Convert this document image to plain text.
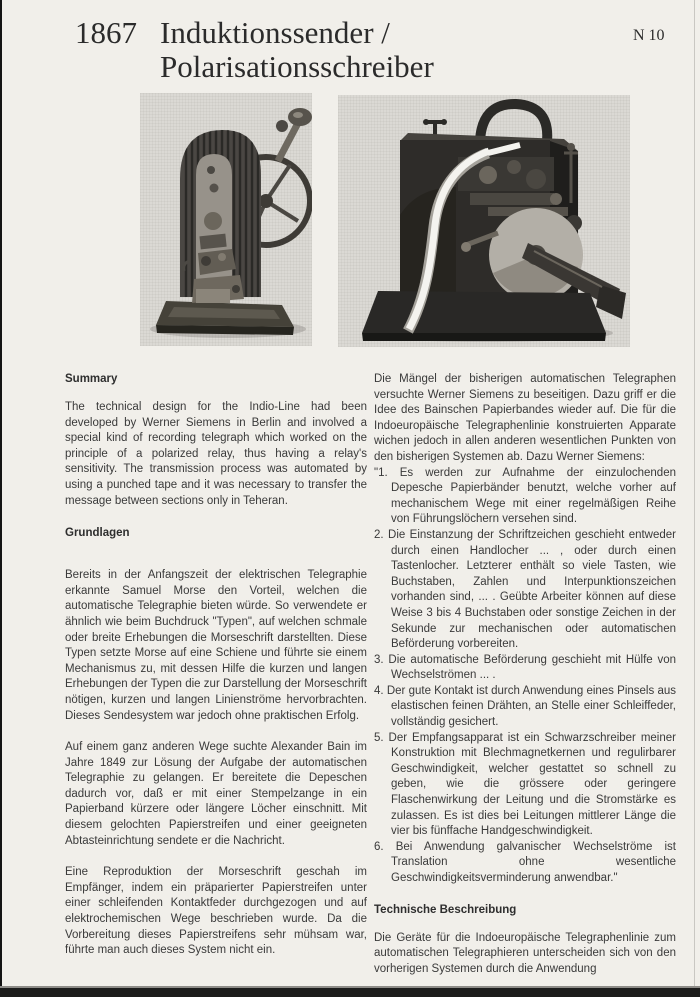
1867 Induktionssender /
Polarisationsschreiber
N 10
Summary

The technical design for the Indio-Line had been developed by Werner Siemens in Berlin and involved a special kind of recording telegraph which worked on the principle of a polarized relay, thus having a relay's sensitivity. The transmission process was automated by using a punched tape and it was necessary to transfer the message between sections only in Teheran.

Grundlagen

Bereits in der Anfangszeit der elektrischen Telegraphie erkannte Samuel Morse den Vorteil, welchen die automatische Telegraphie bieten würde. So verwendete er ähnlich wie beim Buchdruck "Typen", auf welchen schmale oder breite Erhebungen die Morseschrift darstellten. Diese Typen setzte Morse auf eine Schiene und führte sie einem Mechanismus zu, mit dessen Hilfe die kurzen und langen Erhebungen der Typen die zur Darstellung der Morseschrift nötigen, kurzen und langen Linienströme hervorbrachten. Dieses Sendesystem war jedoch ohne praktischen Erfolg.

Auf einem ganz anderen Wege suchte Alexander Bain im Jahre 1849 zur Lösung der Aufgabe der automatischen Telegraphie zu gelangen. Er bereitete die Depeschen dadurch vor, daß er mit einer Stempelzange in ein Papierband kürzere oder längere Löcher einschnitt. Mit diesem gelochten Papierstreifen und einer geeigneten Abtasteinrichtung sendete er die Nachricht.

Eine Reproduktion der Morseschrift geschah im Empfänger, indem ein präparierter Papierstreifen unter einer schleifenden Kontaktfeder durchgezogen und auf elektrochemischen Wege beschrieben wurde. Da die Vorbereitung dieses Papierstreifens sehr mühsam war, führte man auch dieses System nicht ein.

Die Mängel der bisherigen automatischen Telegraphen versuchte Werner Siemens zu beseitigen. Dazu griff er die Idee des Bainschen Papierbandes wieder auf. Die für die Indoeuropäische Telegraphenlinie konstruierten Apparate wichen jedoch in allen anderen wesentlichen Punkten von den bisherigen Systemen ab. Dazu Werner Siemens:

"1. Es werden zur Aufnahme der einzulochenden Depesche Papierbänder benutzt, welche vorher auf mechanischem Wege mit einer regelmäßigen Reihe von Führungslöchern versehen sind.
2. Die Einstanzung der Schriftzeichen geschieht entweder durch einen Handlocher ... , oder durch einen Tastenlocher. Letzterer enthält so viele Tasten, wie Buchstaben, Zahlen und Interpunktionszeichen vorhanden sind, ... . Geübte Arbeiter können auf diese Weise 3 bis 4 Buchstaben oder sonstige Zeichen in der Sekunde zur mechanischen oder automatischen Beförderung vorbereiten.
3. Die automatische Beförderung geschieht mit Hülfe von Wechselströmen ... .
4. Der gute Kontakt ist durch Anwendung eines Pinsels aus elastischen feinen Drähten, an Stelle einer Schleiffeder, vollständig gesichert.
5. Der Empfangsapparat ist ein Schwarzschreiber meiner Konstruktion mit Blechmagnetkernen und regulirbarer Geschwindigkeit, welcher gestattet so schnell zu geben, wie die grössere oder geringere Flaschenwirkung der Leitung und die Stromstärke es zulassen. Es ist dies bei Leitungen mittlerer Länge die vier bis fünffache Handgeschwindigkeit.
6. Bei Anwendung galvanischer Wechselströme ist Translation ohne wesentliche Geschwindigkeitsverminderung anwendbar."
Technische Beschreibung

Die Geräte für die Indoeuropäische Telegraphenlinie zum automatischen Telegraphieren unterscheiden sich von den vorherigen Systemen durch die Anwendung
